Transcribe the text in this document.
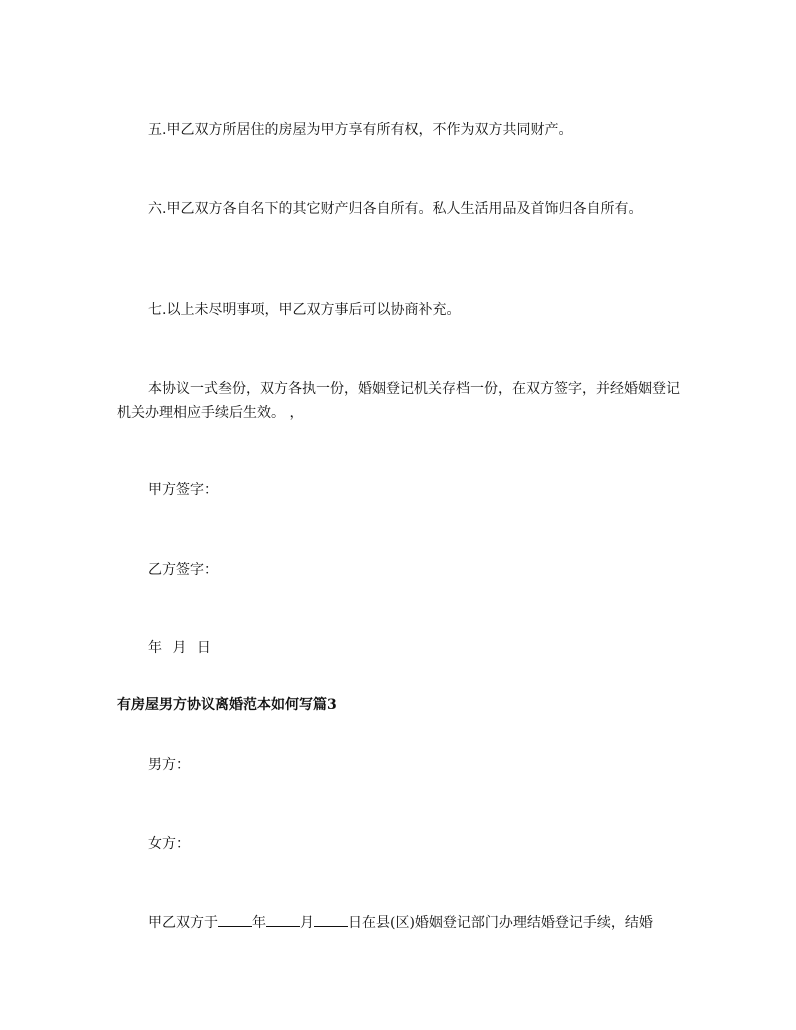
五.甲乙双方所居住的房屋为甲方享有所有权，不作为双方共同财产。

六.甲乙双方各自名下的其它财产归各自所有。私人生活用品及首饰归各自所有。

七.以上未尽明事项，甲乙双方事后可以协商补充。

本协议一式叁份，双方各执一份，婚姻登记机关存档一份，在双方签字，并经婚姻登记机关办理相应手续后生效。 ，

甲方签字：

乙方签字：

年 月 日

有房屋男方协议离婚范本如何写篇3

男方：

女方：

甲乙双方于 年 月 日在县(区)婚姻登记部门办理结婚登记手续，结婚
